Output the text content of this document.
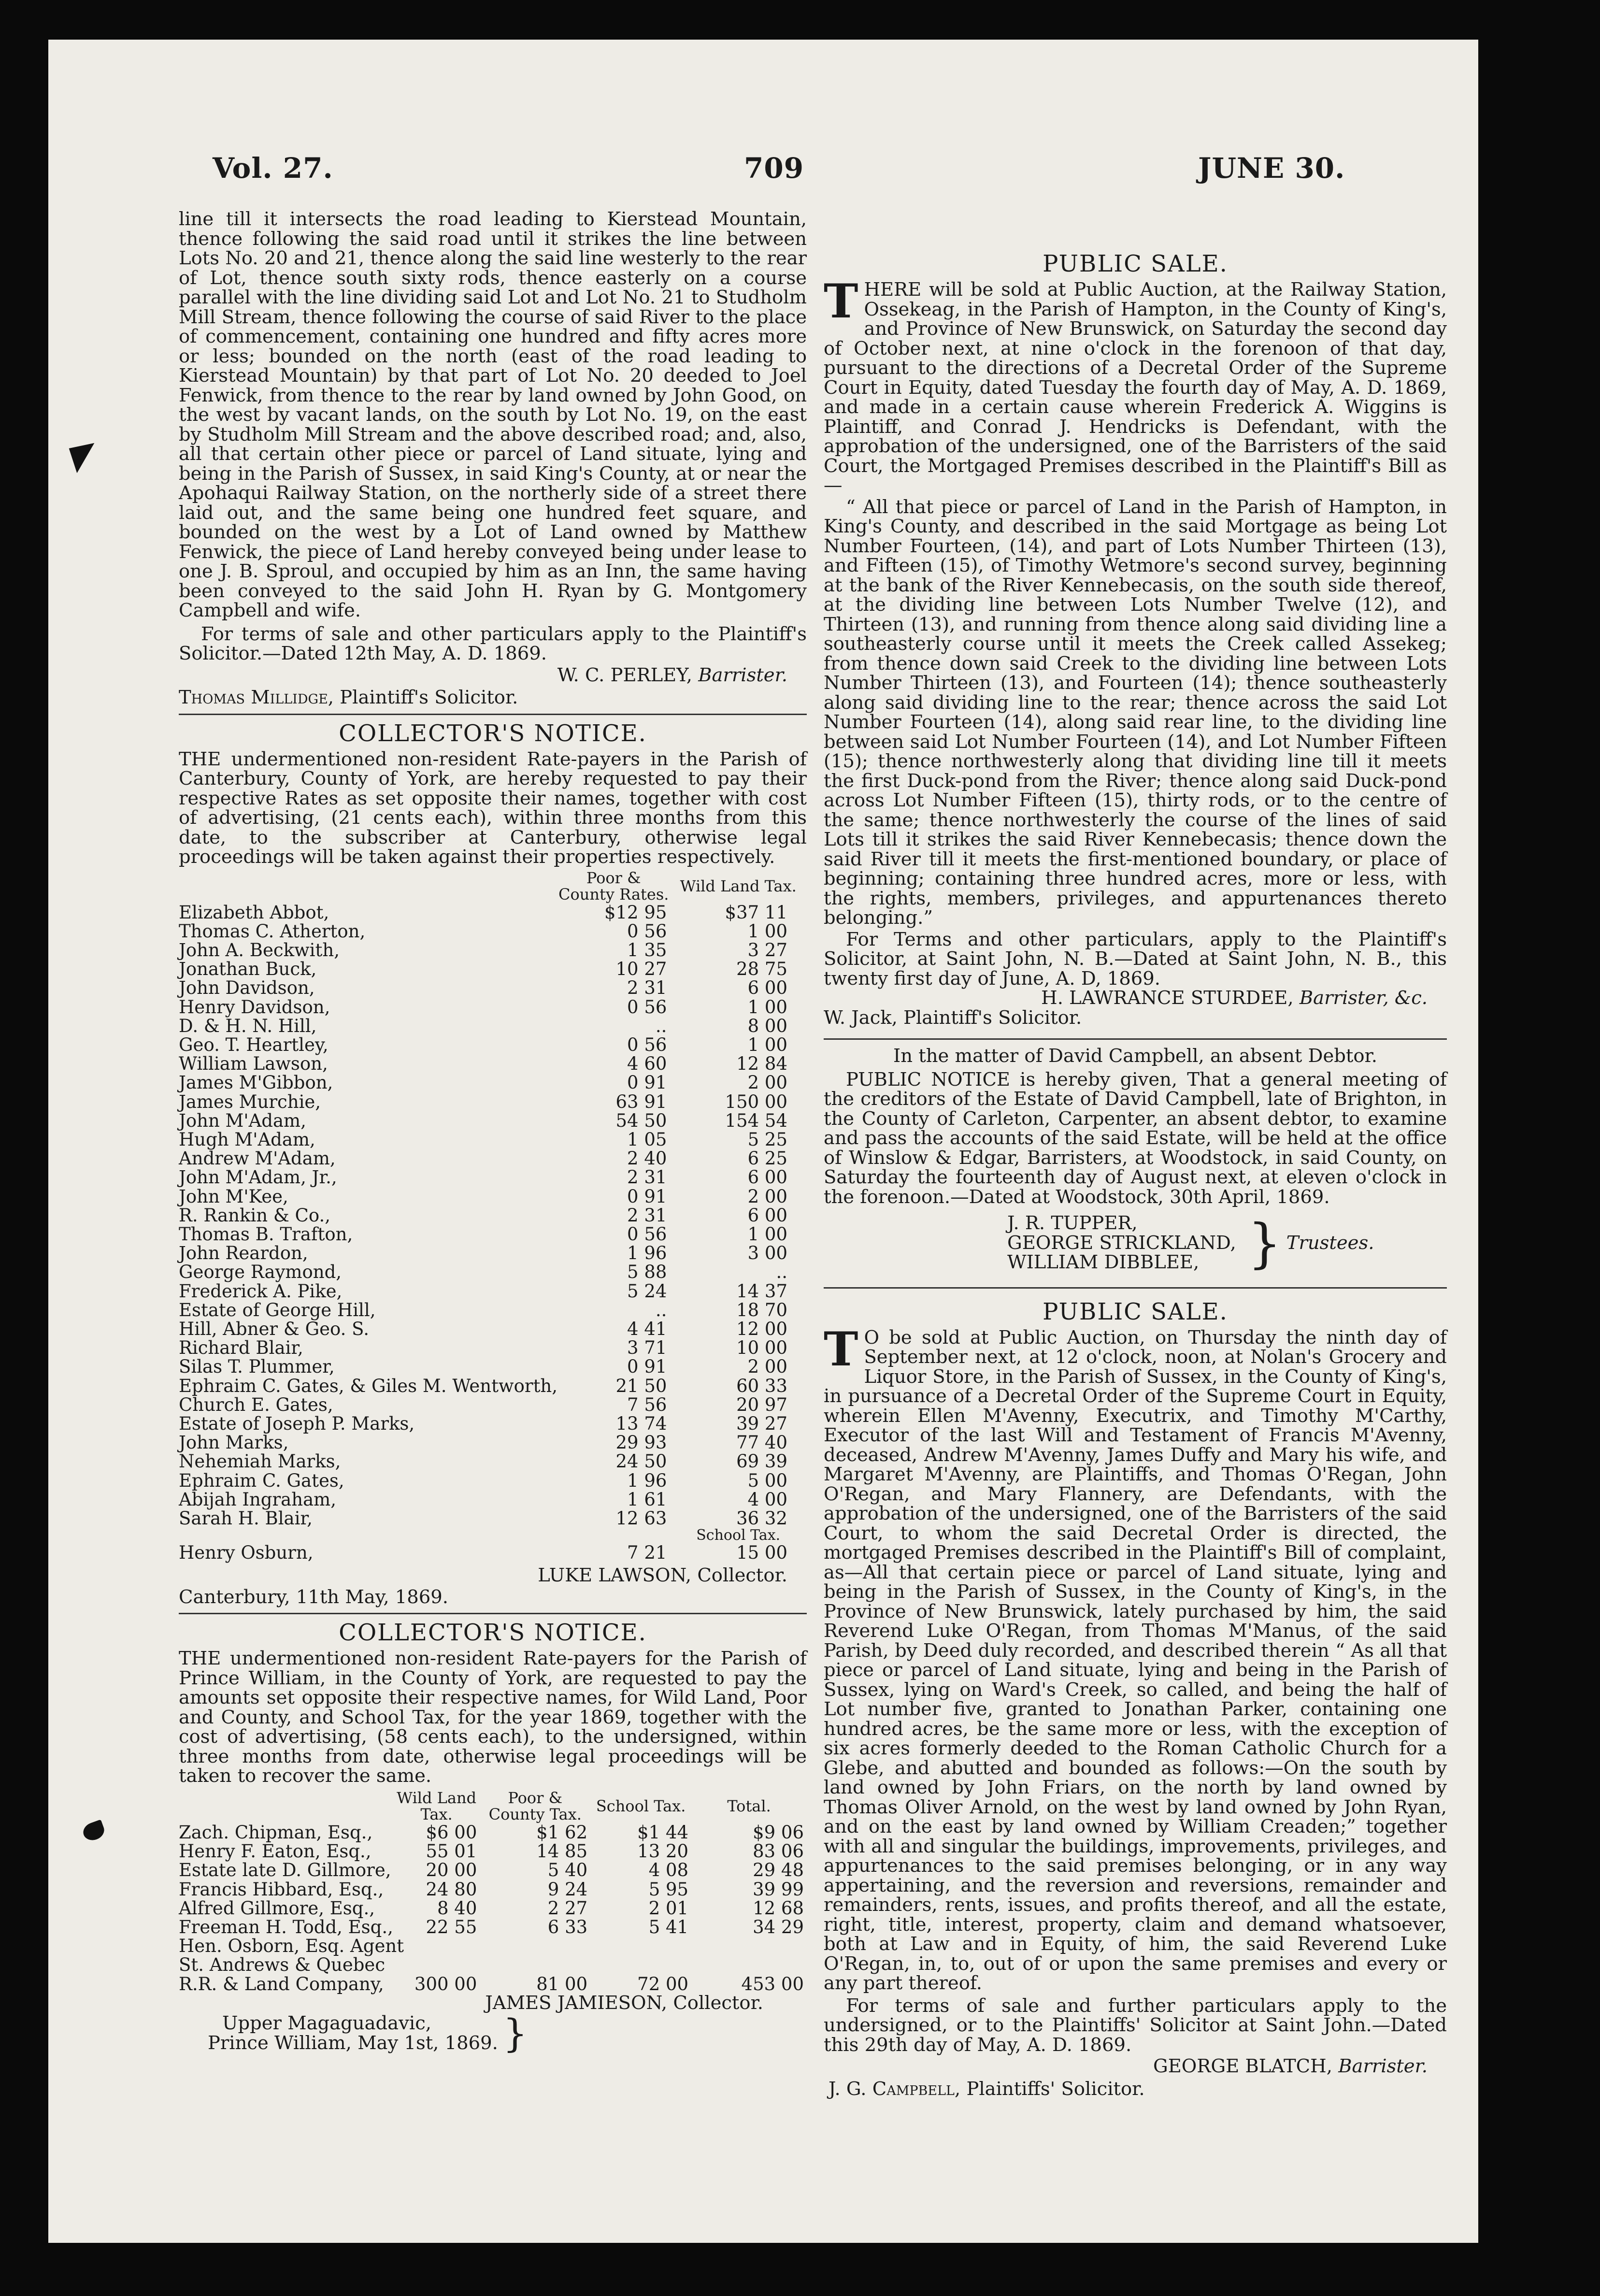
Vol. 27.	709	JUNE 30.

line till it intersects the road leading to Kierstead Mountain, thence following the said road until it strikes the line between Lots No. 20 and 21, thence along the said line westerly to the rear of Lot, thence south sixty rods, thence easterly on a course parallel with the line dividing said Lot and Lot No. 21 to Studholm Mill Stream, thence following the course of said River to the place of commencement, containing one hundred and fifty acres more or less; bounded on the north (east of the road leading to Kierstead Mountain) by that part of Lot No. 20 deeded to Joel Fenwick, from thence to the rear by land owned by John Good, on the west by vacant lands, on the south by Lot No. 19, on the east by Studholm Mill Stream and the above described road; and, also, all that certain other piece or parcel of Land situate, lying and being in the Parish of Sussex, in said King's County, at or near the Apohaqui Railway Station, on the northerly side of a street there laid out, and the same being one hundred feet square, and bounded on the west by a Lot of Land owned by Matthew Fenwick, the piece of Land hereby conveyed being under lease to one J. B. Sproul, and occupied by him as an Inn, the same having been conveyed to the said John H. Ryan by G. Montgomery Campbell and wife.

For terms of sale and other particulars apply to the Plaintiff's Solicitor.—Dated 12th May, A. D. 1869.

W. C. PERLEY, Barrister.

Thomas Millidge, Plaintiff's Solicitor.

COLLECTOR'S NOTICE.

THE undermentioned non-resident Rate-payers in the Parish of Canterbury, County of York, are hereby requested to pay their respective Rates as set opposite their names, together with cost of advertising, (21 cents each), within three months from this date, to the subscriber at Canterbury, otherwise legal proceedings will be taken against their properties respectively.

	Poor & County Rates.	Wild Land Tax.
Elizabeth Abbot,	$12 95	$37 11
Thomas C. Atherton,	0 56	1 00
John A. Beckwith,	1 35	3 27
Jonathan Buck,	10 27	28 75
John Davidson,	2 31	6 00
Henry Davidson,	0 56	1 00
D. & H. N. Hill,	..	8 00
Geo. T. Heartley,	0 56	1 00
William Lawson,	4 60	12 84
James M'Gibbon,	0 91	2 00
James Murchie,	63 91	150 00
John M'Adam,	54 50	154 54
Hugh M'Adam,	1 05	5 25
Andrew M'Adam,	2 40	6 25
John M'Adam, Jr.,	2 31	6 00
John M'Kee,	0 91	2 00
R. Rankin & Co.,	2 31	6 00
Thomas B. Trafton,	0 56	1 00
John Reardon,	1 96	3 00
George Raymond,	5 88	..
Frederick A. Pike,	5 24	14 37
Estate of George Hill,	..	18 70
Hill, Abner & Geo. S.	4 41	12 00
Richard Blair,	3 71	10 00
Silas T. Plummer,	0 91	2 00
Ephraim C. Gates, & Giles M. Wentworth,	21 50	60 33
Church E. Gates,	7 56	20 97
Estate of Joseph P. Marks,	13 74	39 27
John Marks,	29 93	77 40
Nehemiah Marks,	24 50	69 39
Ephraim C. Gates,	1 96	5 00
Abijah Ingraham,	1 61	4 00
Sarah H. Blair,	12 63	36 32
		School Tax.
Henry Osburn,	7 21	15 00

LUKE LAWSON, Collector.

Canterbury, 11th May, 1869.

COLLECTOR'S NOTICE.

THE undermentioned non-resident Rate-payers for the Parish of Prince William, in the County of York, are requested to pay the amounts set opposite their respective names, for Wild Land, Poor and County, and School Tax, for the year 1869, together with the cost of advertising, (58 cents each), to the undersigned, within three months from date, otherwise legal proceedings will be taken to recover the same.

	Wild Land Tax.	Poor & County Tax.	School Tax.	Total.
Zach. Chipman, Esq.,	$6 00	$1 62	$1 44	$9 06
Henry F. Eaton, Esq.,	55 01	14 85	13 20	83 06
Estate late D. Gillmore,	20 00	5 40	4 08	29 48
Francis Hibbard, Esq.,	24 80	9 24	5 95	39 99
Alfred Gillmore, Esq.,	8 40	2 27	2 01	12 68
Freeman H. Todd, Esq.,	22 55	6 33	5 41	34 29
Hen. Osborn, Esq. Agent				
St. Andrews & Quebec				
R.R. & Land Company,	300 00	81 00	72 00	453 00

JAMES JAMIESON, Collector.

Upper Magaguadavic,
Prince William, May 1st, 1869. }
PUBLIC SALE.

THERE will be sold at Public Auction, at the Railway Station, Ossekeag, in the Parish of Hampton, in the County of King's, and Province of New Brunswick, on Saturday the second day of October next, at nine o'clock in the forenoon of that day, pursuant to the directions of a Decretal Order of the Supreme Court in Equity, dated Tuesday the fourth day of May, A. D. 1869, and made in a certain cause wherein Frederick A. Wiggins is Plaintiff, and Conrad J. Hendricks is Defendant, with the approbation of the undersigned, one of the Barristers of the said Court, the Mortgaged Premises described in the Plaintiff's Bill as—

“ All that piece or parcel of Land in the Parish of Hampton, in King's County, and described in the said Mortgage as being Lot Number Fourteen, (14), and part of Lots Number Thirteen (13), and Fifteen (15), of Timothy Wetmore's second survey, beginning at the bank of the River Kennebecasis, on the south side thereof, at the dividing line between Lots Number Twelve (12), and Thirteen (13), and running from thence along said dividing line a southeasterly course until it meets the Creek called Assekeg; from thence down said Creek to the dividing line between Lots Number Thirteen (13), and Fourteen (14); thence southeasterly along said dividing line to the rear; thence across the said Lot Number Fourteen (14), along said rear line, to the dividing line between said Lot Number Fourteen (14), and Lot Number Fifteen (15); thence northwesterly along that dividing line till it meets the first Duck-pond from the River; thence along said Duck-pond across Lot Number Fifteen (15), thirty rods, or to the centre of the same; thence northwesterly the course of the lines of said Lots till it strikes the said River Kennebecasis; thence down the said River till it meets the first-mentioned boundary, or place of beginning; containing three hundred acres, more or less, with the rights, members, privileges, and appurtenances thereto belonging.”

For Terms and other particulars, apply to the Plaintiff's Solicitor, at Saint John, N. B.—Dated at Saint John, N. B., this twenty first day of June, A. D, 1869.

H. LAWRANCE STURDEE, Barrister, &c.

W. Jack, Plaintiff's Solicitor.

In the matter of David Campbell, an absent Debtor.

PUBLIC NOTICE is hereby given, That a general meeting of the creditors of the Estate of David Campbell, late of Brighton, in the County of Carleton, Carpenter, an absent debtor, to examine and pass the accounts of the said Estate, will be held at the office of Winslow & Edgar, Barristers, at Woodstock, in said County, on Saturday the fourteenth day of August next, at eleven o'clock in the forenoon.—Dated at Woodstock, 30th April, 1869.

J. R. TUPPER,
GEORGE STRICKLAND,
WILLIAM DIBBLEE, } Trustees.
PUBLIC SALE.

T O be sold at Public Auction, on Thursday the ninth day of September next, at 12 o'clock, noon, at Nolan's Grocery and Liquor Store, in the Parish of Sussex, in the County of King's, in pursuance of a Decretal Order of the Supreme Court in Equity, wherein Ellen M'Avenny, Executrix, and Timothy M'Carthy, Executor of the last Will and Testament of Francis M'Avenny, deceased, Andrew M'Avenny, James Duffy and Mary his wife, and Margaret M'Avenny, are Plaintiffs, and Thomas O'Regan, John O'Regan, and Mary Flannery, are Defendants, with the approbation of the undersigned, one of the Barristers of the said Court, to whom the said Decretal Order is directed, the mortgaged Premises described in the Plaintiff's Bill of complaint, as—All that certain piece or parcel of Land situate, lying and being in the Parish of Sussex, in the County of King's, in the Province of New Brunswick, lately purchased by him, the said Reverend Luke O'Regan, from Thomas M'Manus, of the said Parish, by Deed duly recorded, and described therein “ As all that piece or parcel of Land situate, lying and being in the Parish of Sussex, lying on Ward's Creek, so called, and being the half of Lot number five, granted to Jonathan Parker, containing one hundred acres, be the same more or less, with the exception of six acres formerly deeded to the Roman Catholic Church for a Glebe, and abutted and bounded as follows:—On the south by land owned by John Friars, on the north by land owned by Thomas Oliver Arnold, on the west by land owned by John Ryan, and on the east by land owned by William Creaden;” together with all and singular the buildings, improvements, privileges, and appurtenances to the said premises belonging, or in any way appertaining, and the reversion and reversions, remainder and remainders, rents, issues, and profits thereof, and all the estate, right, title, interest, property, claim and demand whatsoever, both at Law and in Equity, of him, the said Reverend Luke O'Regan, in, to, out of or upon the same premises and every or any part thereof.

For terms of sale and further particulars apply to the undersigned, or to the Plaintiffs' Solicitor at Saint John.—Dated this 29th day of May, A. D. 1869.

GEORGE BLATCH, Barrister.

J. G. Campbell, Plaintiffs' Solicitor.
